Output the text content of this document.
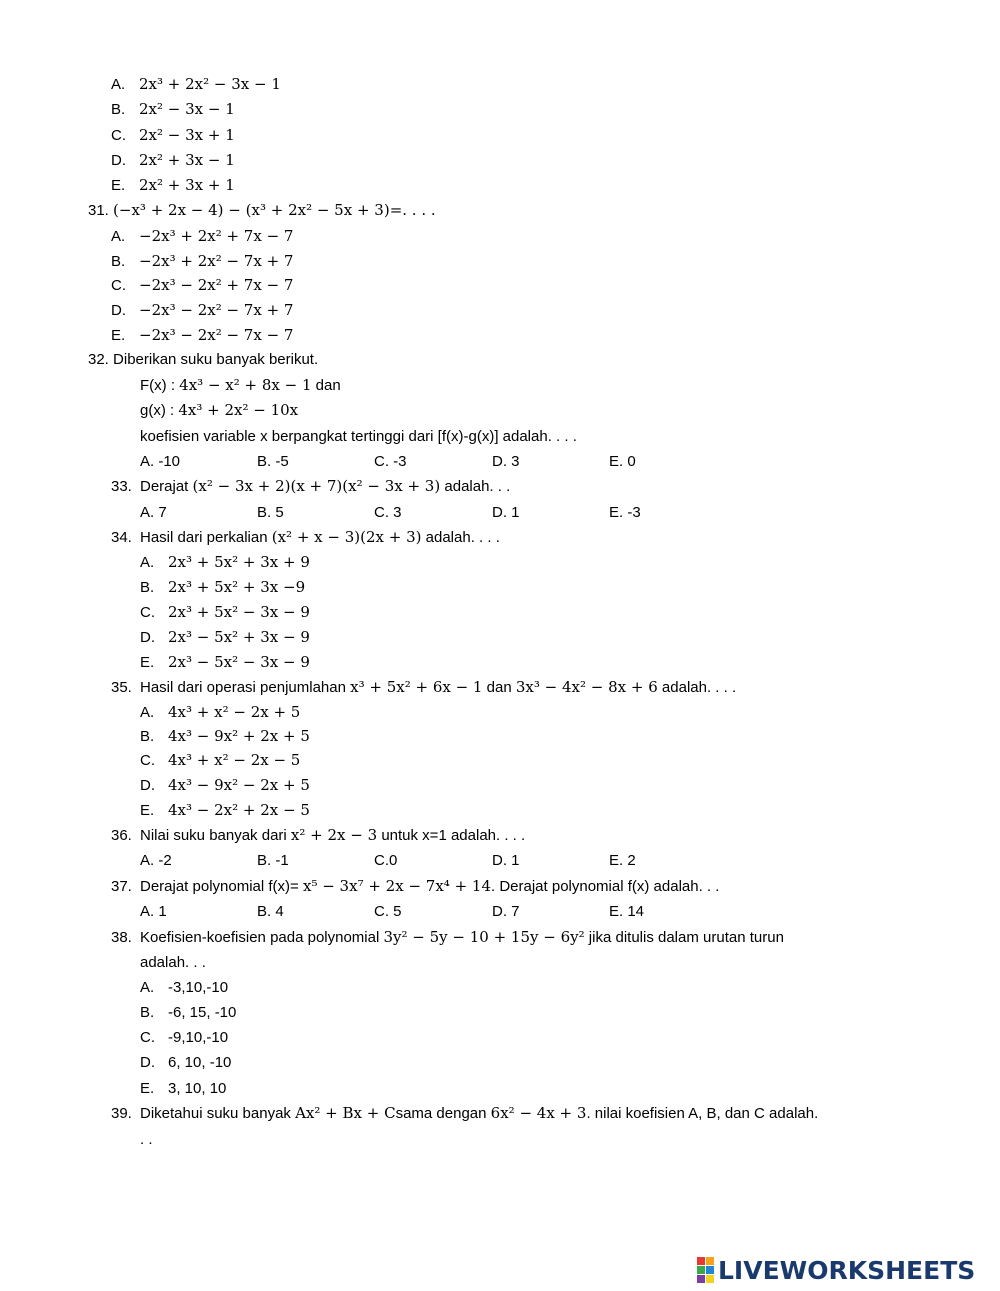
A. 2x³ + 2x² − 3x − 1
B. 2x² − 3x − 1
C. 2x² − 3x + 1
D. 2x² + 3x − 1
E. 2x² + 3x + 1
31. (−x³ + 2x − 4) − (x³ + 2x² − 5x + 3)=. . . .
A. −2x³ + 2x² + 7x − 7
B. −2x³ + 2x² − 7x + 7
C. −2x³ − 2x² + 7x − 7
D. −2x³ − 2x² − 7x + 7
E. −2x³ − 2x² − 7x − 7
32. Diberikan suku banyak berikut.
F(x) : 4x³ − x² + 8x − 1 dan
g(x) : 4x³ + 2x² − 10x
koefisien variable x berpangkat tertinggi dari [f(x)-g(x)] adalah. . . .
A. -10	B. -5	C. -3	D. 3	E. 0
33. Derajat (x² − 3x + 2)(x + 7)(x² − 3x + 3) adalah. . .
A. 7	B. 5	C. 3	D. 1	E. -3
34. Hasil dari perkalian (x² + x − 3)(2x + 3) adalah. . . .
A. 2x³ + 5x² + 3x + 9
B. 2x³ + 5x² + 3x −9
C. 2x³ + 5x² − 3x − 9
D. 2x³ − 5x² + 3x − 9
E. 2x³ − 5x² − 3x − 9
35. Hasil dari operasi penjumlahan x³ + 5x² + 6x − 1 dan 3x³ − 4x² − 8x + 6 adalah. . . .
A. 4x³ + x² − 2x + 5
B. 4x³ − 9x² + 2x + 5
C. 4x³ + x² − 2x − 5
D. 4x³ − 9x² − 2x + 5
E. 4x³ − 2x² + 2x − 5
36. Nilai suku banyak dari x² + 2x − 3 untuk x=1 adalah. . . .
A. -2	B. -1	C.0	D. 1	E. 2
37. Derajat polynomial f(x)= x⁵ − 3x⁷ + 2x − 7x⁴ + 14. Derajat polynomial f(x) adalah. . .
A. 1	B. 4	C. 5	D. 7	E. 14
38. Koefisien-koefisien pada polynomial 3y² − 5y − 10 + 15y − 6y² jika ditulis dalam urutan turun
adalah. . .
A. -3,10,-10
B. -6, 15, -10
C. -9,10,-10
D. 6, 10, -10
E. 3, 10, 10
39. Diketahui suku banyak Ax² + Bx + Csama dengan 6x² − 4x + 3. nilai koefisien A, B, dan C adalah.
. .
LIVEWORKSHEETS
